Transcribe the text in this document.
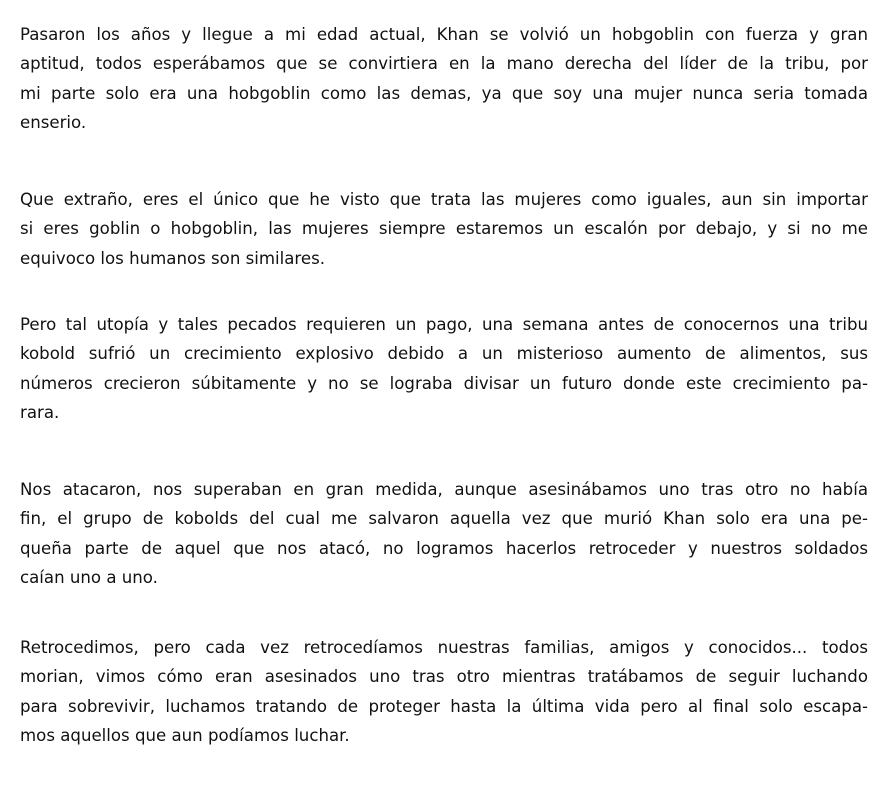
Pasaron los años y llegue a mi edad actual, Khan se volvió un hobgoblin con fuerza y gran
aptitud, todos esperábamos que se convirtiera en la mano derecha del líder de la tribu, por
mi parte solo era una hobgoblin como las demas, ya que soy una mujer nunca seria tomada
enserio.

Que extraño, eres el único que he visto que trata las mujeres como iguales, aun sin importar
si eres goblin o hobgoblin, las mujeres siempre estaremos un escalón por debajo, y si no me
equivoco los humanos son similares.

Pero tal utopía y tales pecados requieren un pago, una semana antes de conocernos una tribu
kobold sufrió un crecimiento explosivo debido a un misterioso aumento de alimentos, sus
números crecieron súbitamente y no se lograba divisar un futuro donde este crecimiento pa-
rara.

Nos atacaron, nos superaban en gran medida, aunque asesinábamos uno tras otro no había
fin, el grupo de kobolds del cual me salvaron aquella vez que murió Khan solo era una pe-
queña parte de aquel que nos atacó, no logramos hacerlos retroceder y nuestros soldados
caían uno a uno.

Retrocedimos, pero cada vez retrocedíamos nuestras familias, amigos y conocidos... todos
morian, vimos cómo eran asesinados uno tras otro mientras tratábamos de seguir luchando
para sobrevivir, luchamos tratando de proteger hasta la última vida pero al final solo escapa-
mos aquellos que aun podíamos luchar.
